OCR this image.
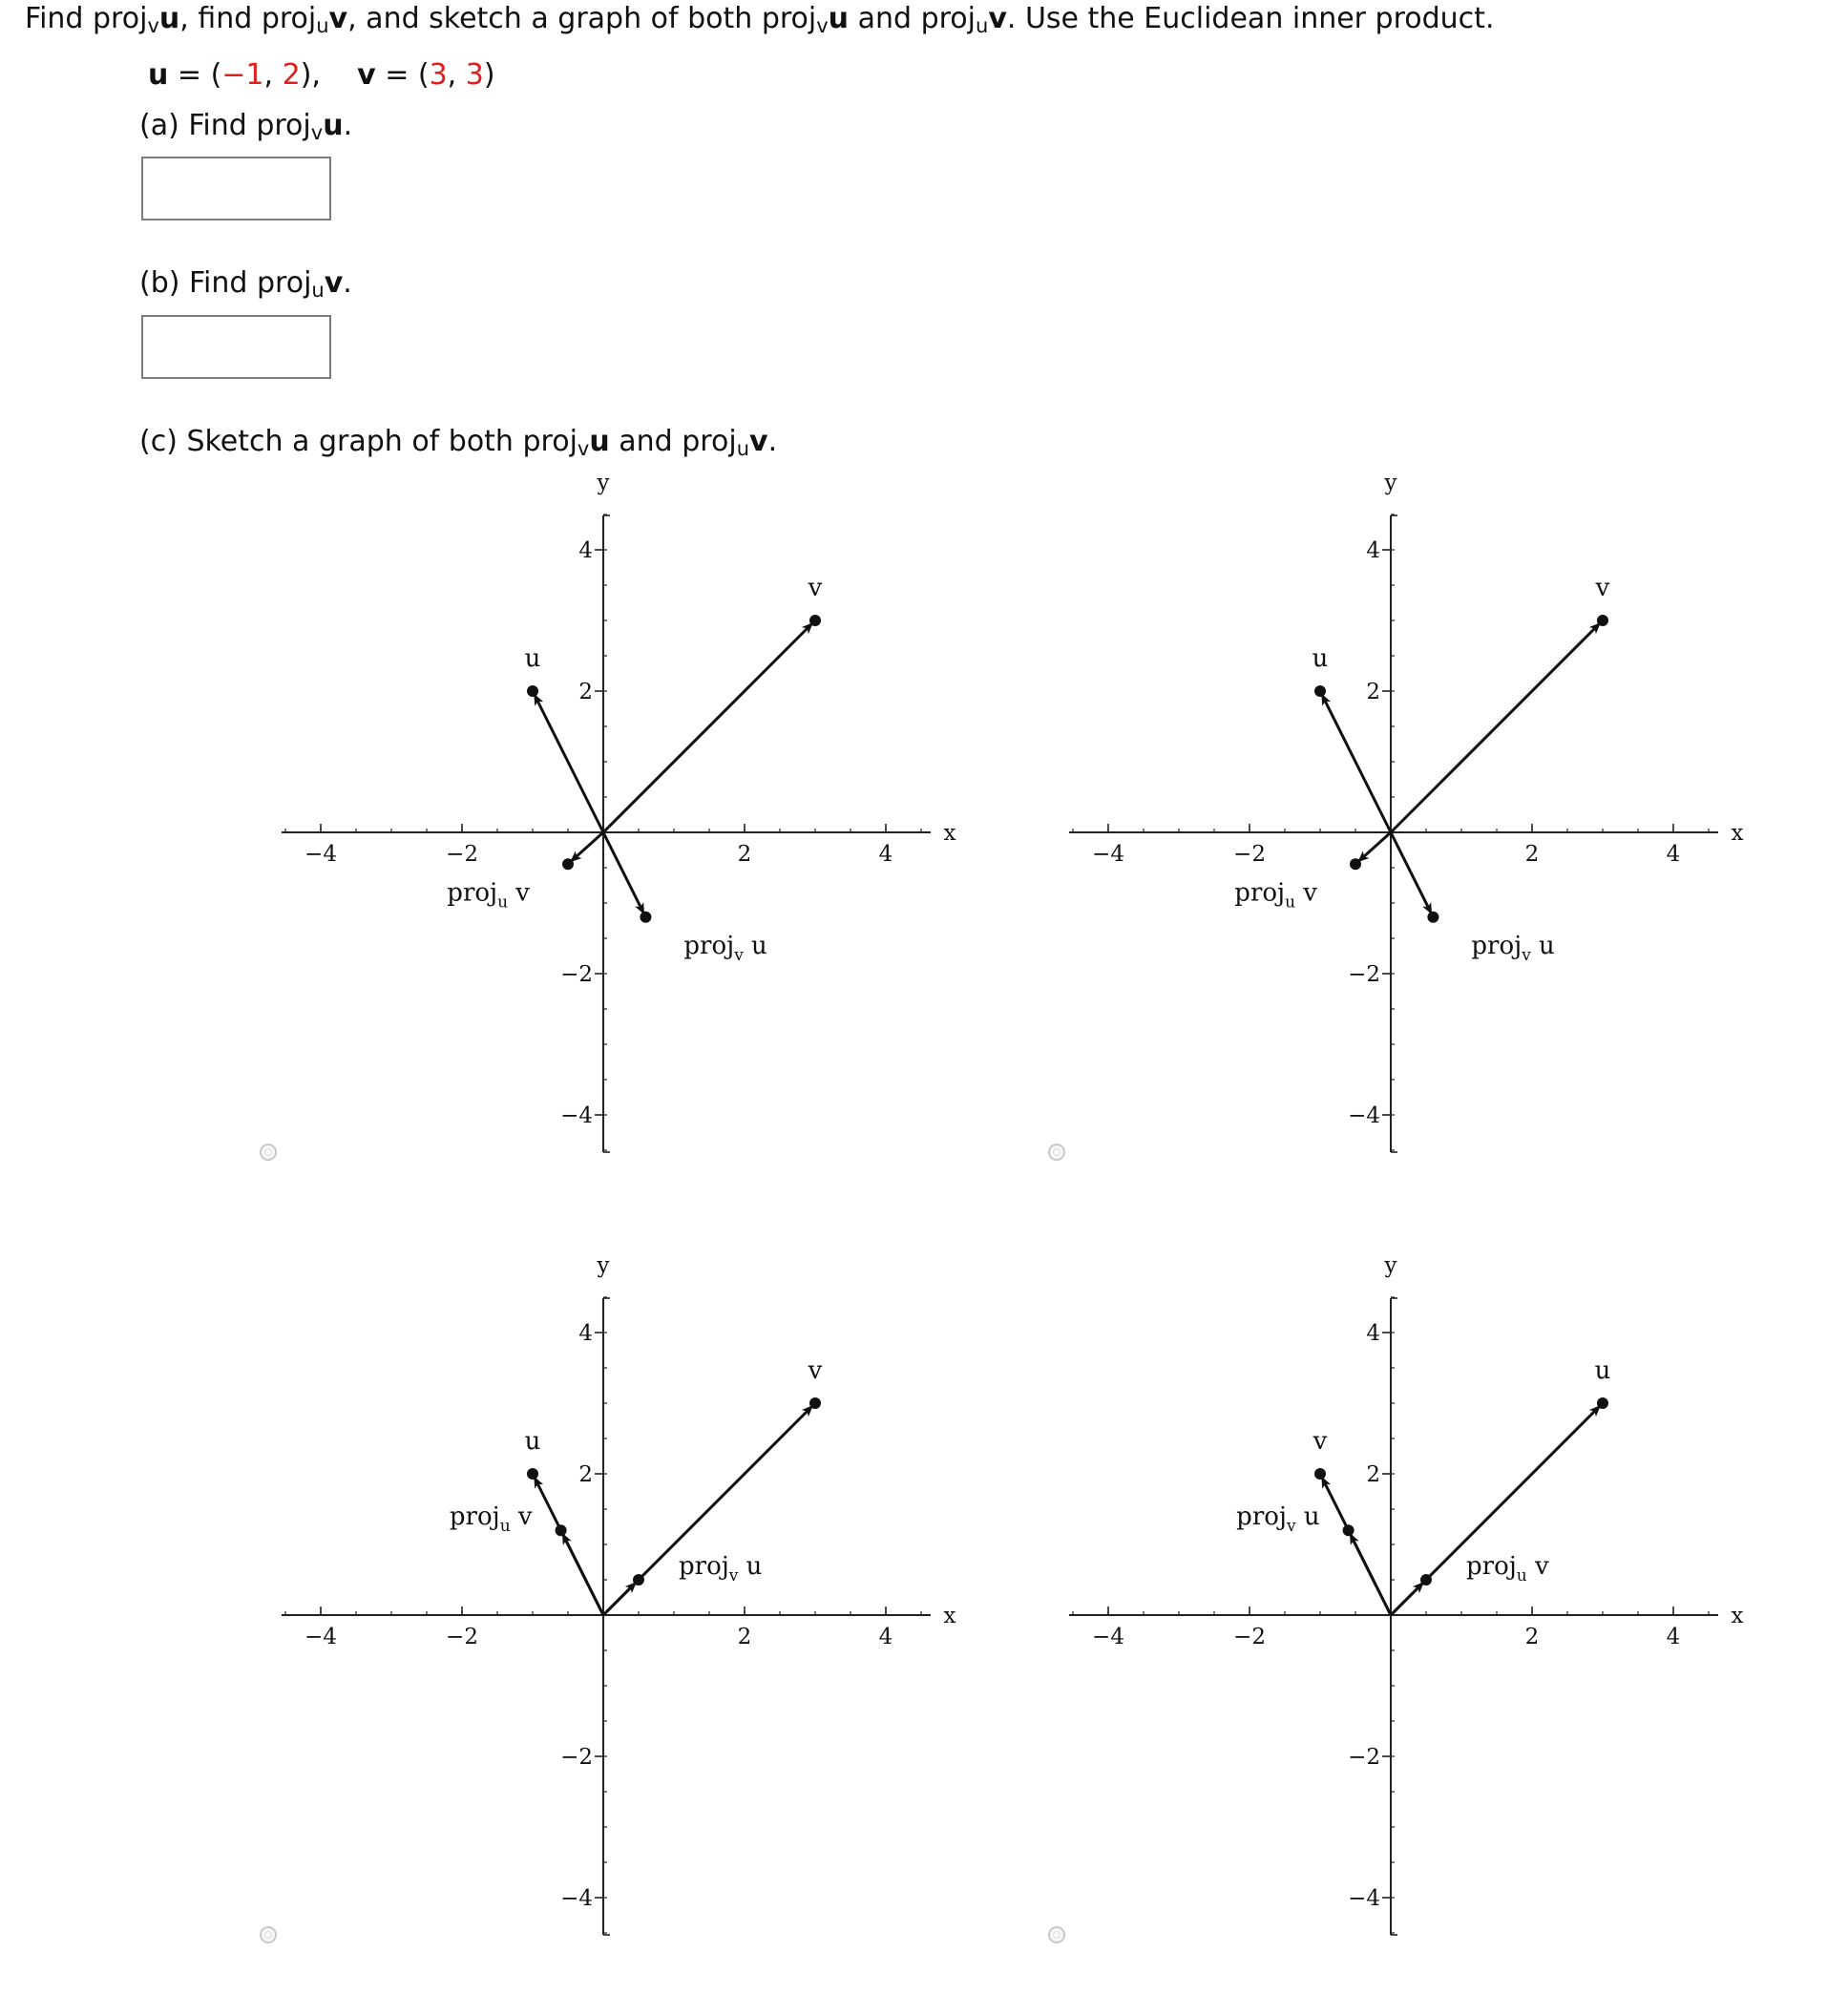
Find proj$_v$u, find proj$_u$v, and sketch a graph of both proj$_v$u and proj$_u$v. Use the Euclidean inner product.
u = (−1, 2), v = (3, 3)
(a) Find proj$_v$u.
(b) Find proj$_u$v.
(c) Sketch a graph of both proj$_v$u and proj$_u$v.
−4	−2	2	4
4
2
−2
−4
x
y
u
v
proj$_u$ v
proj$_v$ u
−4	−2	2	4
4
2
−2
−4
x
y
u
v
proj$_u$ v
proj$_v$ u
−4	−2	2	4
4
2
−2
−4
x
y
u
v
proj$_u$ v
proj$_v$ u
−4	−2	2	4
4
2
−2
−4
x
y
v
u
proj$_v$ u
proj$_u$ v
